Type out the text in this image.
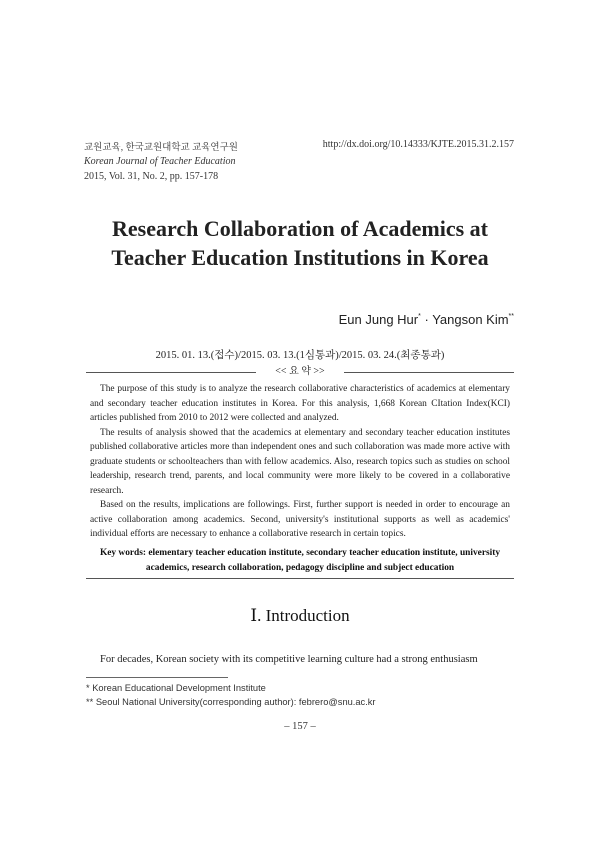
교원교육, 한국교원대학교 교육연구원
Korean Journal of Teacher Education
2015, Vol. 31, No. 2, pp. 157-178
http://dx.doi.org/10.14333/KJTE.2015.31.2.157
Research Collaboration of Academics at
Teacher Education Institutions in Korea
Eun Jung Hur* · Yangson Kim**
2015. 01. 13.(접수)/2015. 03. 13.(1심통과)/2015. 03. 24.(최종통과)
<< 요 약 >>

The purpose of this study is to analyze the research collaborative characteristics of academics at elementary and secondary teacher education institutes in Korea. For this analysis, 1,668 Korean CItation Index(KCI) articles published from 2010 to 2012 were collected and analyzed.

The results of analysis showed that the academics at elementary and secondary teacher education institutes published collaborative articles more than independent ones and such collaboration was made more active with graduate students or schoolteachers than with fellow academics. Also, research topics such as studies on school leadership, research trend, parents, and local community were more likely to be covered in a collaborative research.

Based on the results, implications are followings. First, further support is needed in order to encourage an active collaboration among academics. Second, university's institutional supports as well as academics' individual efforts are necessary to enhance a collaborative research in certain topics.

Key words: elementary teacher education institute, secondary teacher education institute, university academics, research collaboration, pedagogy discipline and subject education
Ⅰ. Introduction
For decades, Korean society with its competitive learning culture had a strong enthusiasm
* Korean Educational Development Institute
** Seoul National University(corresponding author): febrero@snu.ac.kr
– 157 –
